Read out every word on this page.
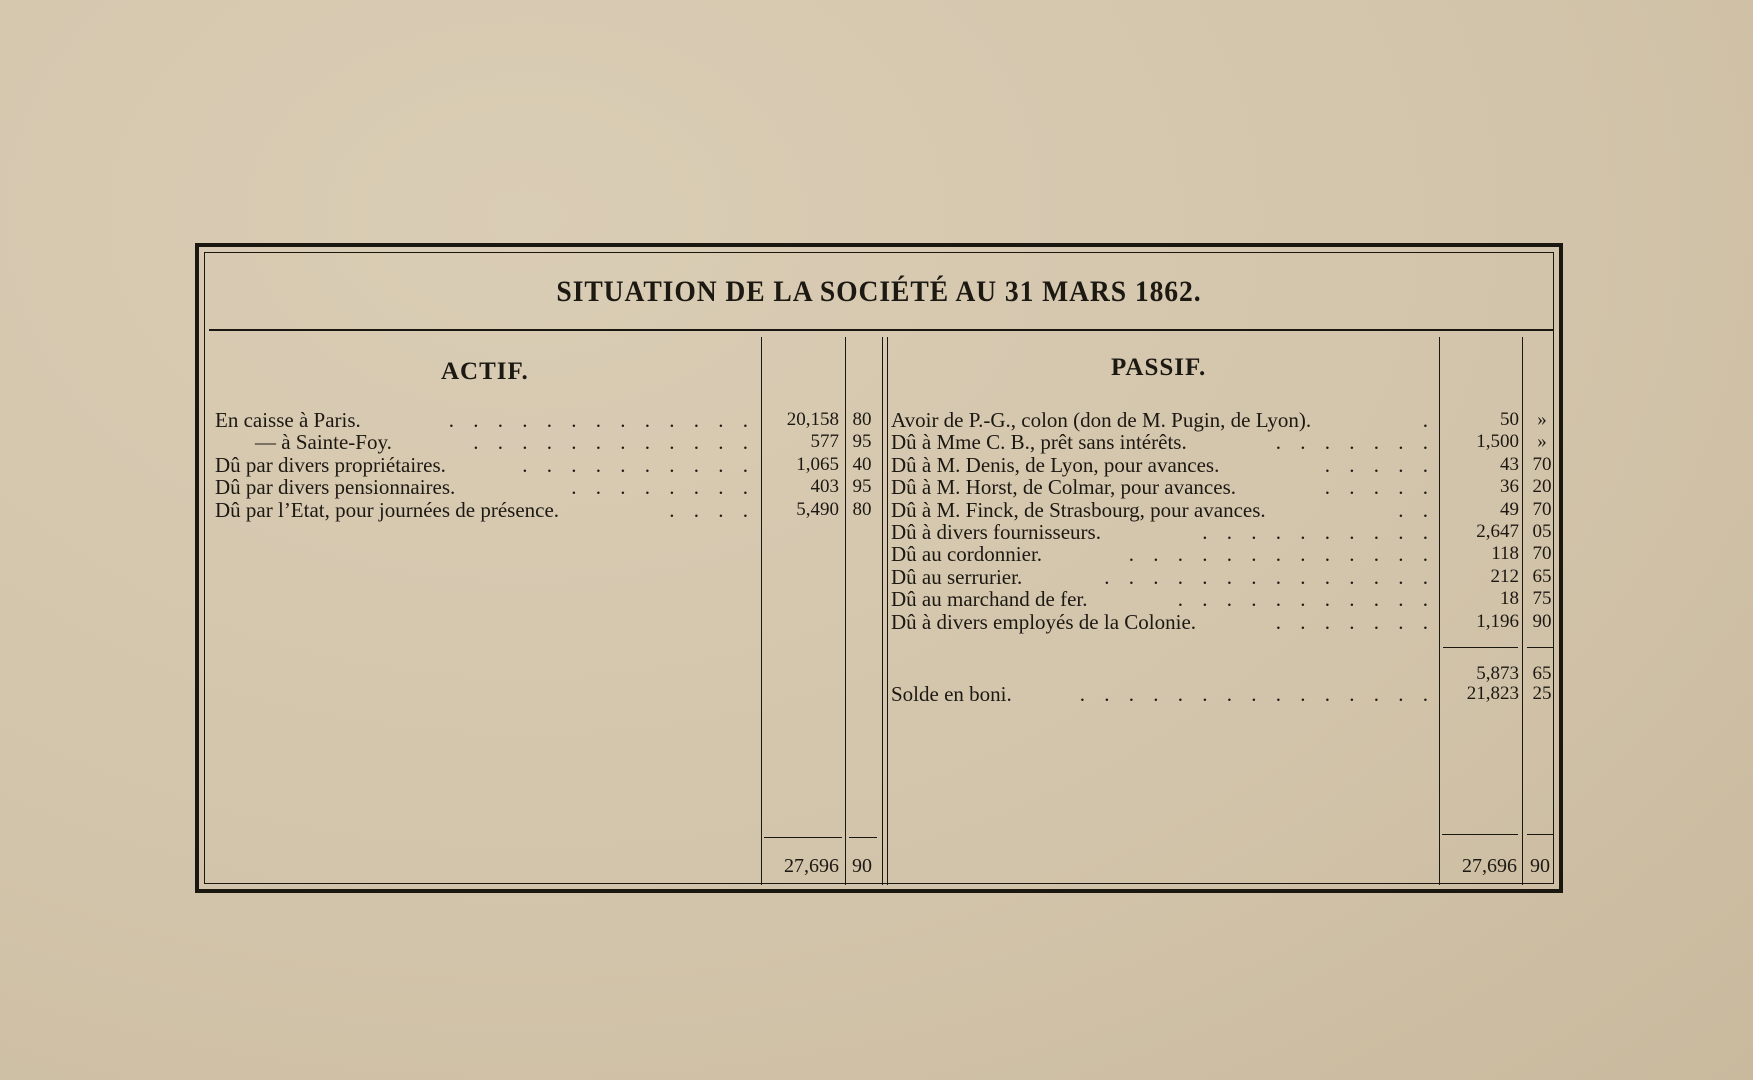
SITUATION DE LA SOCIÉTÉ AU 31 MARS 1862.
ACTIF.	PASSIF.
En caisse à Paris.	. . . . . . . . . . . . .	20,158 80
— à Sainte-Foy.	. . . . . . . . . . . .	577 95
Dû par divers propriétaires.	. . . . . . . . . .	1,065 40
Dû par divers pensionnaires.	. . . . . . . .	403 95
Dû par l’Etat, pour journées de présence.	. . . .	5,490 80
Avoir de P.-G., colon (don de M. Pugin, de Lyon).	.	50 »
Dû à Mme C. B., prêt sans intérêts.	. . . . . . .	1,500 »
Dû à M. Denis, de Lyon, pour avances.	. . . . .	43 70
Dû à M. Horst, de Colmar, pour avances.	. . . . .	36 20
Dû à M. Finck, de Strasbourg, pour avances.	. .	49 70
Dû à divers fournisseurs.	. . . . . . . . . .	2,647 05
Dû au cordonnier.	. . . . . . . . . . . . .	118 70
Dû au serrurier.	. . . . . . . . . . . . . .	212 65
Dû au marchand de fer.	. . . . . . . . . . .	18 75
Dû à divers employés de la Colonie.	. . . . . . .	1,196 90
5,873 65
Solde en boni.	. . . . . . . . . . . . . . .	21,823 25
27,696 90	27,696 90
